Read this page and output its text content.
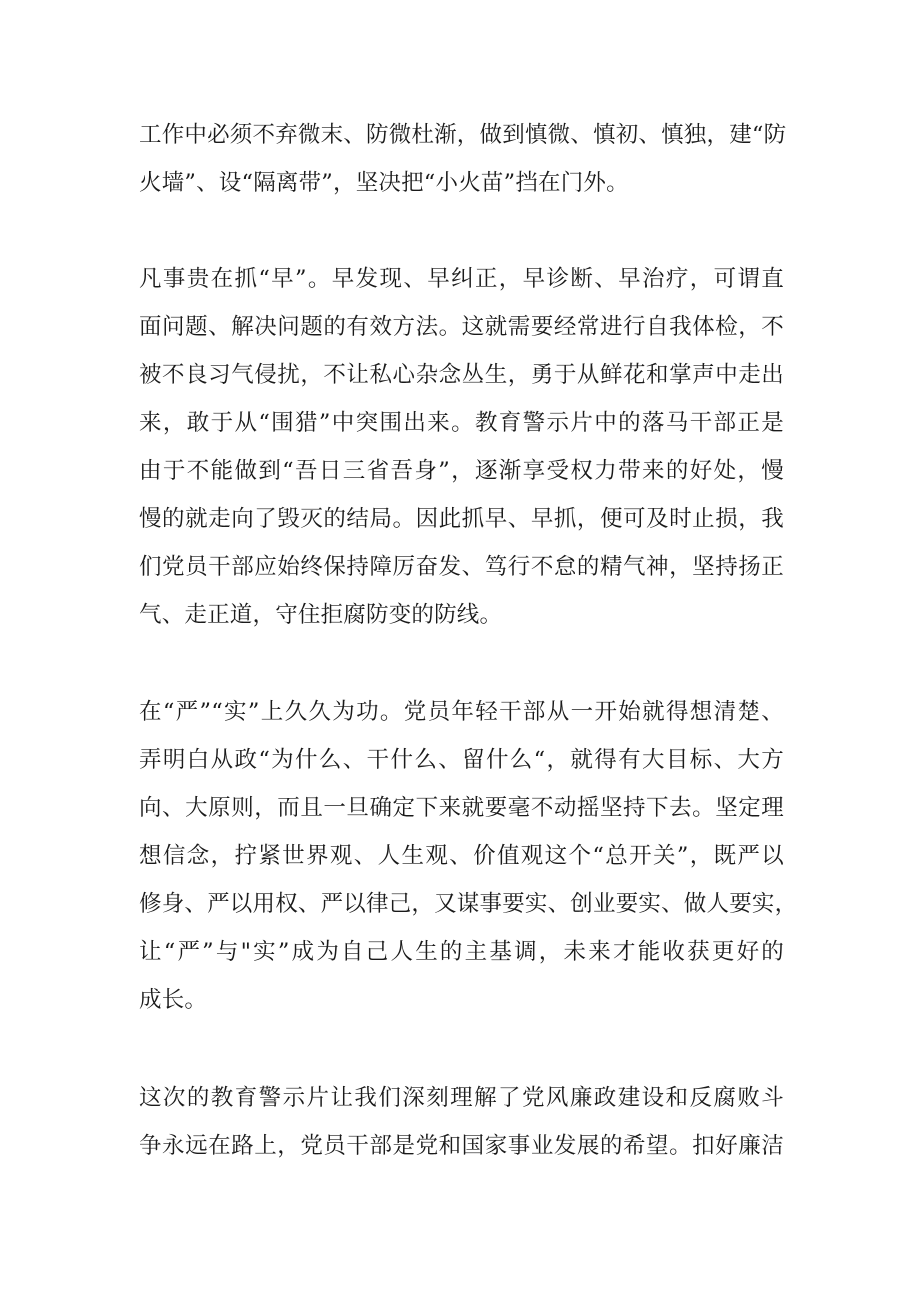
工作中必须不弃微末、防微杜渐，做到慎微、慎初、慎独，建“防
火墙”、设“隔离带”，坚决把“小火苗”挡在门外。
凡事贵在抓“早”。早发现、早纠正，早诊断、早治疗，可谓直
面问题、解决问题的有效方法。这就需要经常进行自我体检，不
被不良习气侵扰，不让私心杂念丛生，勇于从鲜花和掌声中走出
来，敢于从“围猎”中突围出来。教育警示片中的落马干部正是
由于不能做到“吾日三省吾身”，逐渐享受权力带来的好处，慢
慢的就走向了毁灭的结局。因此抓早、早抓，便可及时止损，我
们党员干部应始终保持障厉奋发、笃行不怠的精气神，坚持扬正
气、走正道，守住拒腐防变的防线。
在“严”“实”上久久为功。党员年轻干部从一开始就得想清楚、
弄明白从政“为什么、干什么、留什么“，就得有大目标、大方
向、大原则，而且一旦确定下来就要毫不动摇坚持下去。坚定理
想信念，拧紧世界观、人生观、价值观这个“总开关”，既严以
修身、严以用权、严以律己，又谋事要实、创业要实、做人要实，
让“严”与"实”成为自己人生的主基调，未来才能收获更好的
成长。
这次的教育警示片让我们深刻理解了党风廉政建设和反腐败斗
争永远在路上，党员干部是党和国家事业发展的希望。扣好廉洁
